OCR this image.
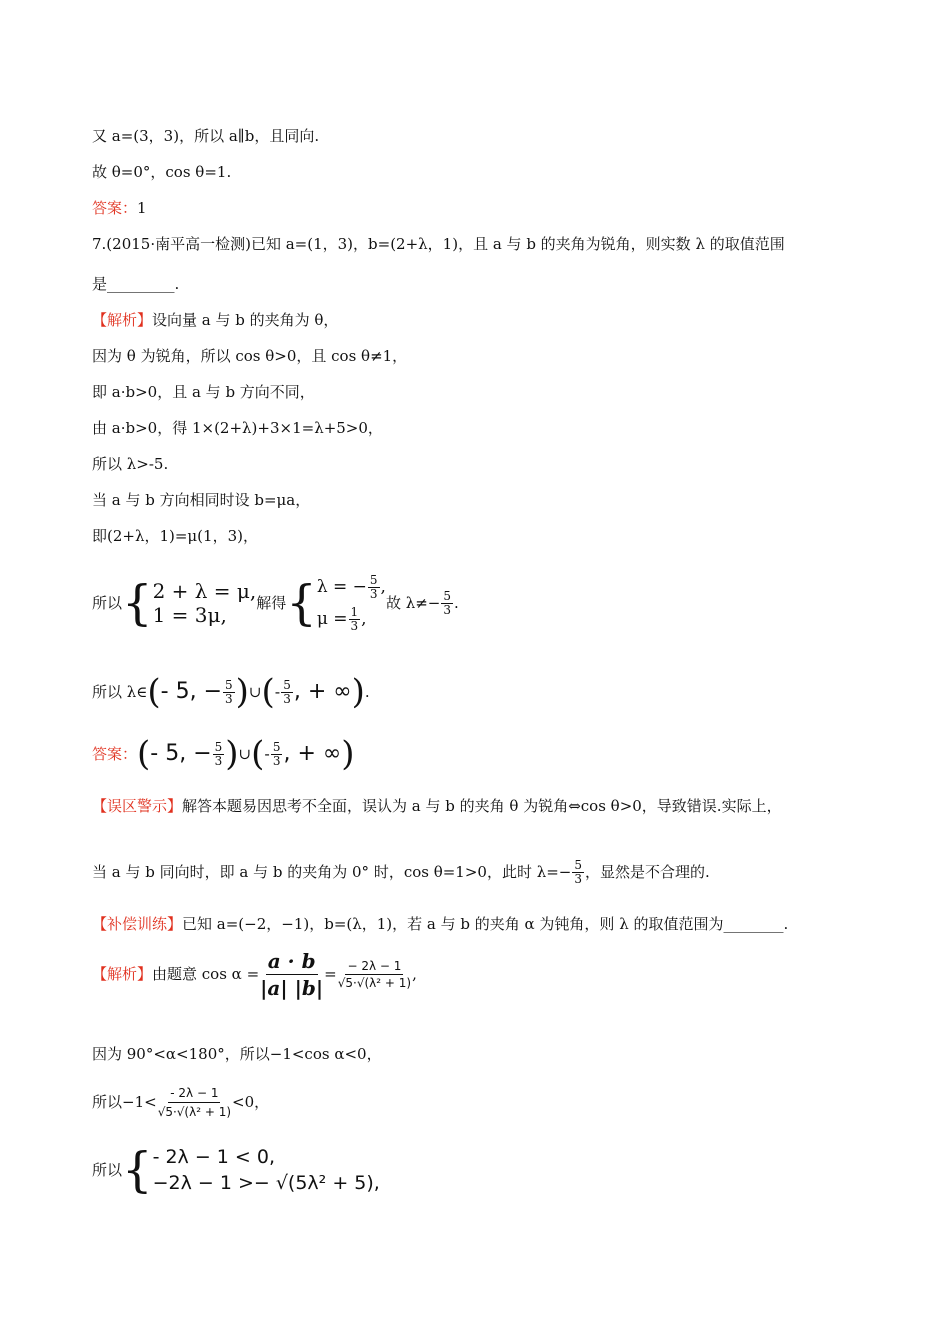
又 a=(3，3)，所以 a∥b，且同向.
故 θ=0°，cos θ=1.
答案：1
7.(2015·南平高一检测)已知 a=(1，3)，b=(2+λ，1)，且 a 与 b 的夹角为锐角，则实数 λ 的取值范围
是_________.
【解析】设向量 a 与 b 的夹角为 θ，
因为 θ 为锐角，所以 cos θ>0，且 cos θ≠1，
即 a·b>0，且 a 与 b 方向不同，
由 a·b>0，得 1×(2+λ)+3×1=λ+5>0，
所以 λ>-5.
当 a 与 b 方向相同时设 b=μa，
即(2+λ，1)=μ(1，3)，
所以 { 2 + λ = μ,
1 = 3μ,	解得 { λ = − $\frac{5}{3}$ ,
$\mu = \frac{1}{3}$ ,
故 $\lambda\ne- \frac{5}{3}$ .
所以 λ∈ ( - 5, − $\frac{5}{3}$ ) ∪ ( - $\frac{5}{3}$ , + ∞ ) .
答案： ( - 5, − $\frac{5}{3}$ ) ∪ ( - $\frac{5}{3}$ , + ∞ )
【误区警示】解答本题易因思考不全面，误认为 a 与 b 的夹角 θ 为锐角⇔cos θ>0，导致错误.实际上，
当 a 与 b 同向时，即 a 与 b 的夹角为 0° 时，cos θ=1>0，此时 $\lambda=- \frac{5}{3}$ ，显然是不合理的.
【补偿训练】已知 a=(−2，−1)，b=(λ，1)，若 a 与 b 的夹角 α 为钝角，则 λ 的取值范围为________.
【解析】 由题意 $\cos \alpha = \frac{a \cdot b}{|a| |b|} = \frac{- 2\lambda - 1}{\text{√5·√(λ² + 1)}}$ ,
因为 90°<α<180°，所以−1<cos α<0，
所以$-1< \frac{- 2\lambda - 1}{\text{√5·√(λ² + 1)}} <0$，
所以 { - 2λ − 1 < 0,
−2λ − 1 >− √(5λ² + 5),
